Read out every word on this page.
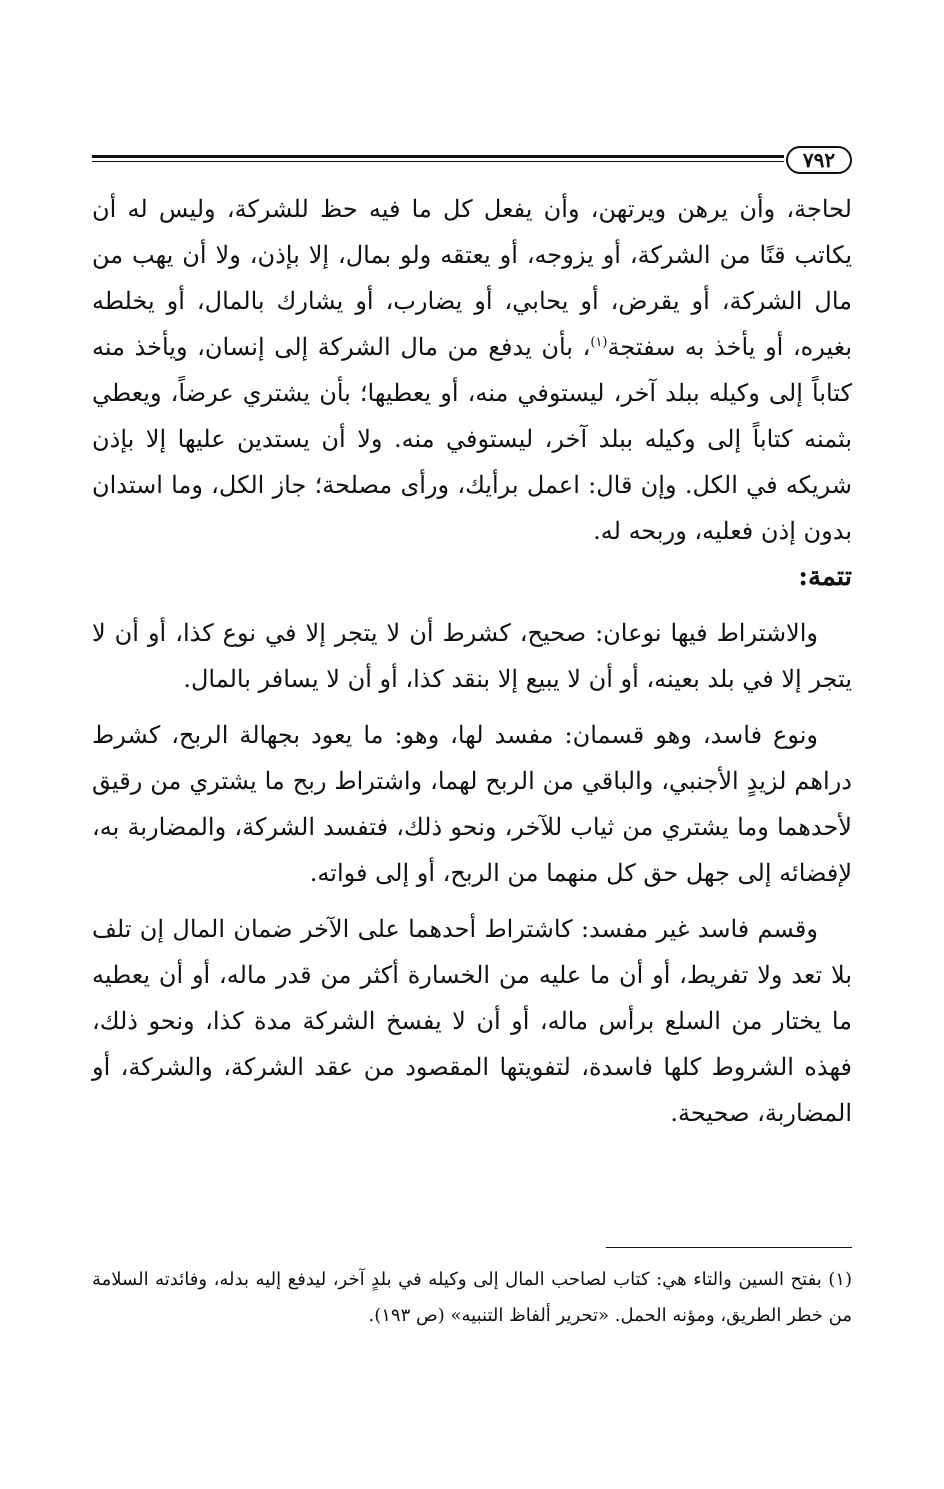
٧٩٢

لحاجة، وأن يرهن ويرتهن، وأن يفعل كل ما فيه حظ للشركة، وليس له أن يكاتب قنًا من الشركة، أو يزوجه، أو يعتقه ولو بمال، إلا بإذن، ولا أن يهب من مال الشركة، أو يقرض، أو يحابي، أو يضارب، أو يشارك بالمال، أو يخلطه بغيره، أو يأخذ به سفتجة$^{(١)}$، بأن يدفع من مال الشركة إلى إنسان، ويأخذ منه كتاباً إلى وكيله ببلد آخر، ليستوفي منه، أو يعطيها؛ بأن يشتري عرضاً، ويعطي بثمنه كتاباً إلى وكيله ببلد آخر، ليستوفي منه. ولا أن يستدين عليها إلا بإذن شريكه في الكل. وإن قال: اعمل برأيك، ورأى مصلحة؛ جاز الكل، وما استدان بدون إذن فعليه، وربحه له.

تتمة:

والاشتراط فيها نوعان: صحيح، كشرط أن لا يتجر إلا في نوع كذا، أو أن لا يتجر إلا في بلد بعينه، أو أن لا يبيع إلا بنقد كذا، أو أن لا يسافر بالمال.

ونوع فاسد، وهو قسمان: مفسد لها، وهو: ما يعود بجهالة الربح، كشرط دراهم لزيدٍ الأجنبي، والباقي من الربح لهما، واشتراط ربح ما يشتري من رقيق لأحدهما وما يشتري من ثياب للآخر، ونحو ذلك، فتفسد الشركة، والمضاربة به، لإفضائه إلى جهل حق كل منهما من الربح، أو إلى فواته.

وقسم فاسد غير مفسد: كاشتراط أحدهما على الآخر ضمان المال إن تلف بلا تعد ولا تفريط، أو أن ما عليه من الخسارة أكثر من قدر ماله، أو أن يعطيه ما يختار من السلع برأس ماله، أو أن لا يفسخ الشركة مدة كذا، ونحو ذلك، فهذه الشروط كلها فاسدة، لتفويتها المقصود من عقد الشركة، والشركة، أو المضاربة، صحيحة.

(١) بفتح السين والتاء هي: كتاب لصاحب المال إلى وكيله في بلدٍ آخر، ليدفع إليه بدله، وفائدته السلامة من خطر الطريق، ومؤنه الحمل. «تحرير ألفاظ التنبيه» (ص ١٩٣).
